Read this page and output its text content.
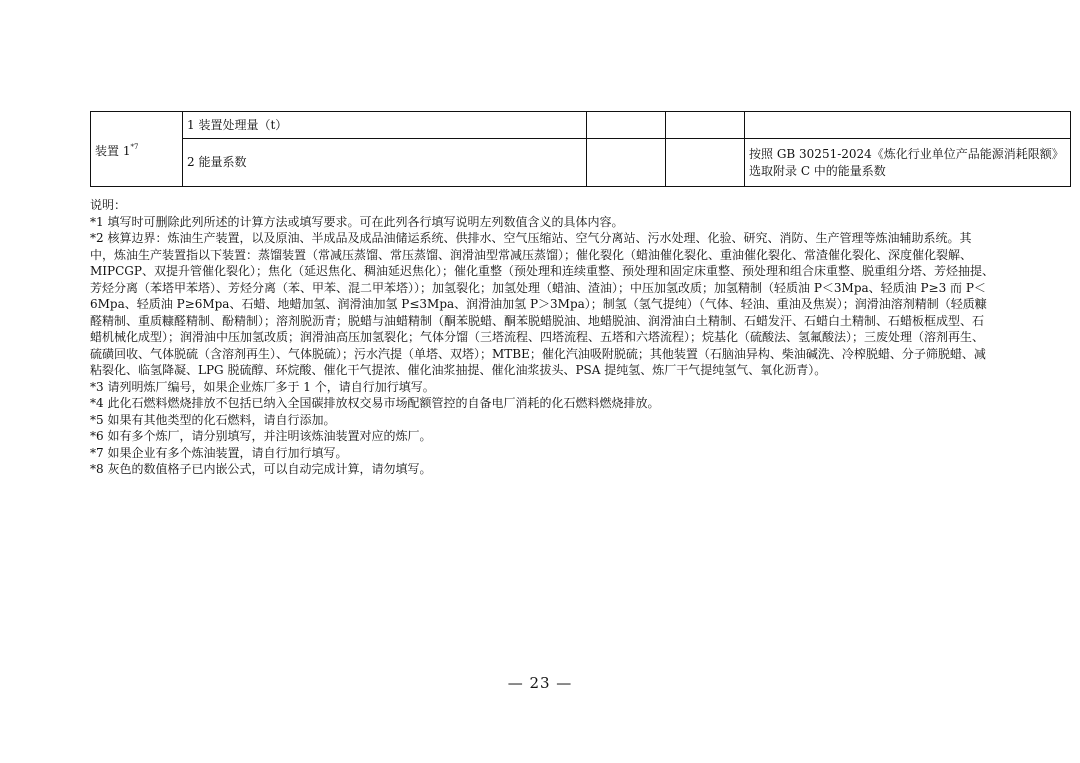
装置 1$^{*7}$	1 装置处理量（t）			
	2 能量系数			按照 GB 30251-2024《炼化行业单位产品能源消耗限额》选取附录 C 中的能量系数

说明：

*1 填写时可删除此列所述的计算方法或填写要求。可在此列各行填写说明左列数值含义的具体内容。

*2 核算边界：炼油生产装置，以及原油、半成品及成品油储运系统、供排水、空气压缩站、空气分离站、污水处理、化验、研究、消防、生产管理等炼油辅助系统。其中，炼油生产装置指以下装置：蒸馏装置（常减压蒸馏、常压蒸馏、润滑油型常减压蒸馏）；催化裂化（蜡油催化裂化、重油催化裂化、常渣催化裂化、深度催化裂解、MIPCGP、双提升管催化裂化）；焦化（延迟焦化、稠油延迟焦化）；催化重整（预处理和连续重整、预处理和固定床重整、预处理和组合床重整、脱重组分塔、芳烃抽提、芳烃分离（苯塔甲苯塔）、芳烃分离（苯、甲苯、混二甲苯塔））；加氢裂化；加氢处理（蜡油、渣油）；中压加氢改质；加氢精制（轻质油 P＜3Mpa、轻质油 P≥3 而 P＜6Mpa、轻质油 P≥6Mpa、石蜡、地蜡加氢、润滑油加氢 P≤3Mpa、润滑油加氢 P＞3Mpa）；制氢（氢气提纯）（气体、轻油、重油及焦炭）；润滑油溶剂精制（轻质糠醛精制、重质糠醛精制、酚精制）；溶剂脱沥青；脱蜡与油蜡精制（酮苯脱蜡、酮苯脱蜡脱油、地蜡脱油、润滑油白土精制、石蜡发汗、石蜡白土精制、石蜡板框成型、石蜡机械化成型）；润滑油中压加氢改质；润滑油高压加氢裂化；气体分馏（三塔流程、四塔流程、五塔和六塔流程）；烷基化（硫酸法、氢氟酸法）；三废处理（溶剂再生、硫磺回收、气体脱硫（含溶剂再生）、气体脱硫）；污水汽提（单塔、双塔）；MTBE；催化汽油吸附脱硫；其他装置（石脑油异构、柴油碱洗、冷榨脱蜡、分子筛脱蜡、减粘裂化、临氢降凝、LPG 脱硫醇、环烷酸、催化干气提浓、催化油浆抽提、催化油浆拔头、PSA 提纯氢、炼厂干气提纯氢气、氧化沥青）。

*3 请列明炼厂编号，如果企业炼厂多于 1 个，请自行加行填写。

*4 此化石燃料燃烧排放不包括已纳入全国碳排放权交易市场配额管控的自备电厂消耗的化石燃料燃烧排放。

*5 如果有其他类型的化石燃料，请自行添加。

*6 如有多个炼厂，请分别填写，并注明该炼油装置对应的炼厂。

*7 如果企业有多个炼油装置，请自行加行填写。

*8 灰色的数值格子已内嵌公式，可以自动完成计算，请勿填写。

— 23 —
